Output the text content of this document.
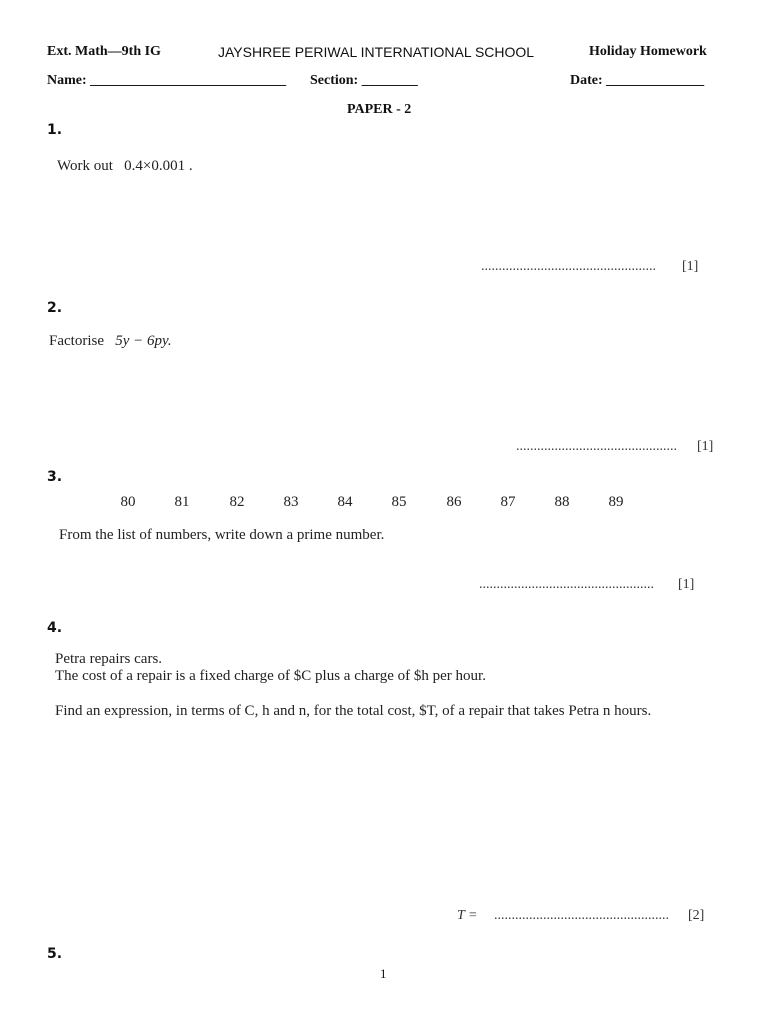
Ext. Math—9th IG	JAYSHREE PERIWAL INTERNATIONAL SCHOOL	Holiday Homework
Name: ____________________________ Section: ________	Date: ______________
PAPER - 2
1.
Work out 0.4×0.001 .
.................................................. [1]
2.
Factorise 5y − 6py.
.............................................. [1]
3.
80	81	82	83	84	85	86	87	88	89
From the list of numbers, write down a prime number.
.................................................. [1]
4.
Petra repairs cars.
The cost of a repair is a fixed charge of $C plus a charge of $h per hour.
Find an expression, in terms of C, h and n, for the total cost, $T, of a repair that takes Petra n hours.
T = .................................................. [2]
5.
1
